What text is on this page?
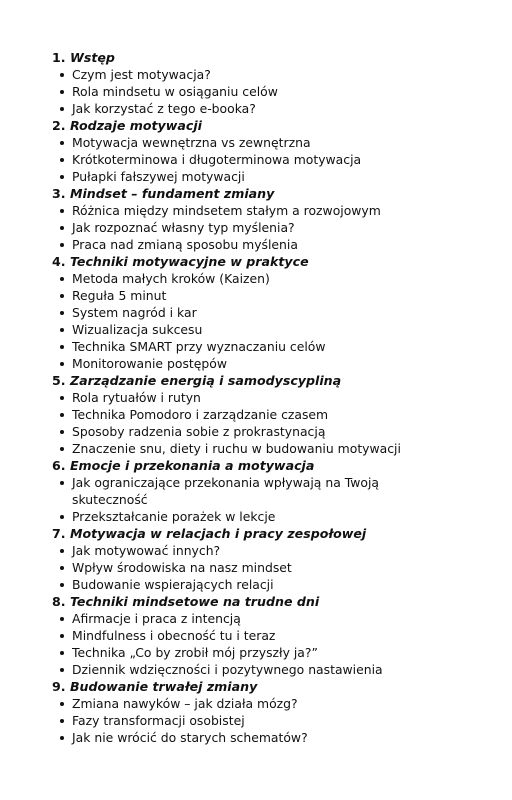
1. Wstęp
Czym jest motywacja?
Rola mindsetu w osiąganiu celów
Jak korzystać z tego e-booka?
2. Rodzaje motywacji
Motywacja wewnętrzna vs zewnętrzna
Krótkoterminowa i długoterminowa motywacja
Pułapki fałszywej motywacji
3. Mindset – fundament zmiany
Różnica między mindsetem stałym a rozwojowym
Jak rozpoznać własny typ myślenia?
Praca nad zmianą sposobu myślenia
4. Techniki motywacyjne w praktyce
Metoda małych kroków (Kaizen)
Reguła 5 minut
System nagród i kar
Wizualizacja sukcesu
Technika SMART przy wyznaczaniu celów
Monitorowanie postępów
5. Zarządzanie energią i samodyscypliną
Rola rytuałów i rutyn
Technika Pomodoro i zarządzanie czasem
Sposoby radzenia sobie z prokrastynacją
Znaczenie snu, diety i ruchu w budowaniu motywacji
6. Emocje i przekonania a motywacja
Jak ograniczające przekonania wpływają na Twoją skuteczność
Przekształcanie porażek w lekcje
7. Motywacja w relacjach i pracy zespołowej
Jak motywować innych?
Wpływ środowiska na nasz mindset
Budowanie wspierających relacji
8. Techniki mindsetowe na trudne dni
Afirmacje i praca z intencją
Mindfulness i obecność tu i teraz
Technika „Co by zrobił mój przyszły ja?”
Dziennik wdzięczności i pozytywnego nastawienia
9. Budowanie trwałej zmiany
Zmiana nawyków – jak działa mózg?
Fazy transformacji osobistej
Jak nie wrócić do starych schematów?
